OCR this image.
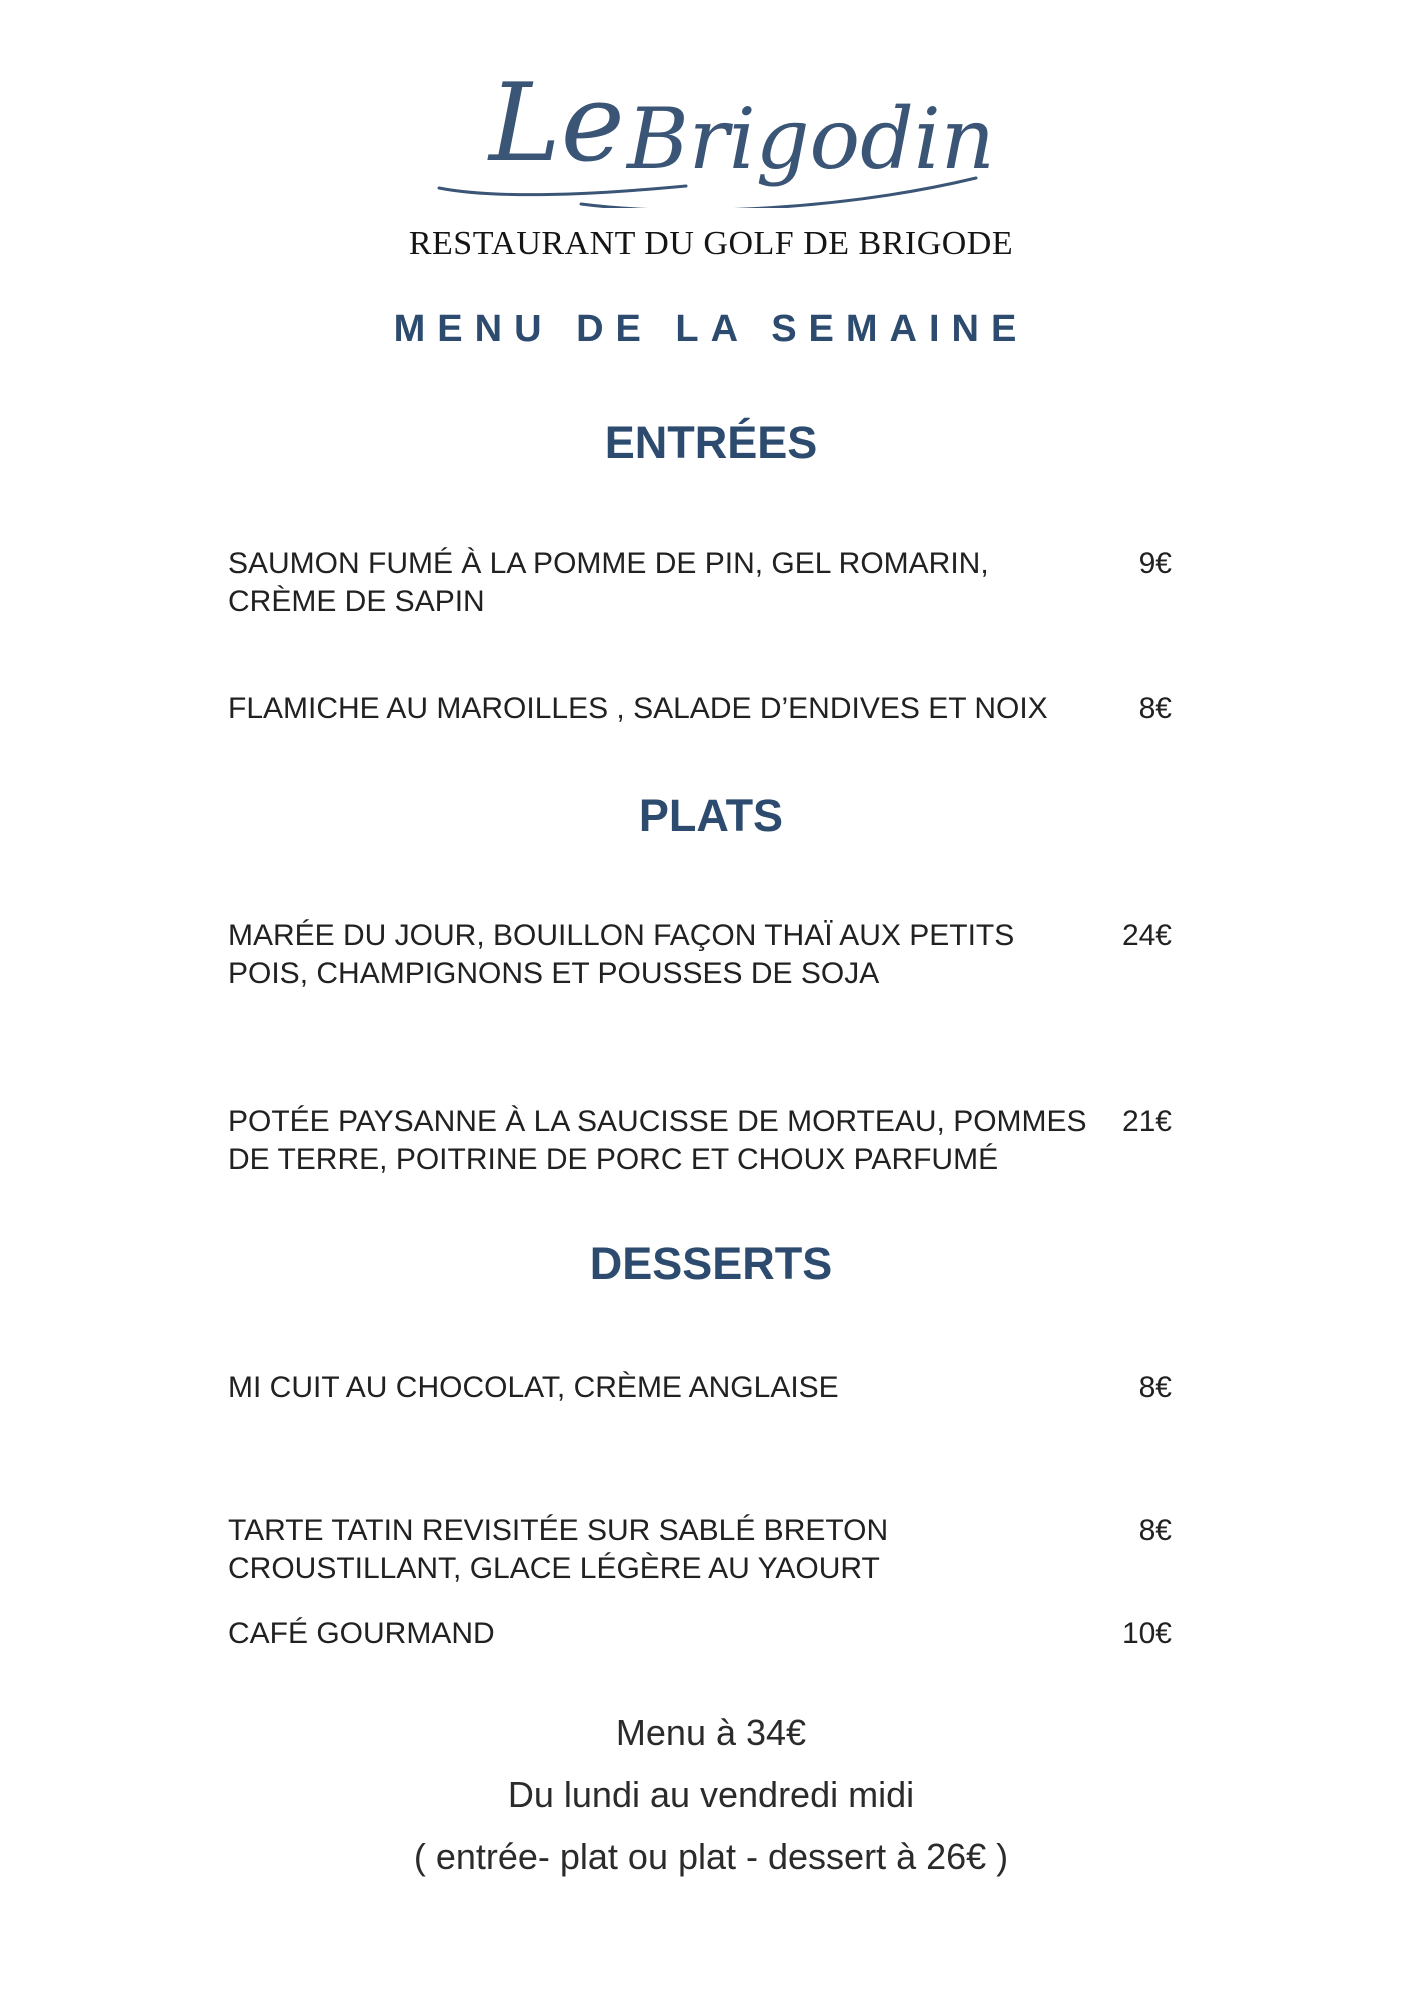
Le Brigodin
RESTAURANT DU GOLF DE BRIGODE
MENU DE LA SEMAINE
ENTRÉES
SAUMON FUMÉ À LA POMME DE PIN, GEL ROMARIN,
CRÈME DE SAPIN
9€
FLAMICHE AU MAROILLES , SALADE D’ENDIVES ET NOIX	8€
PLATS
MARÉE DU JOUR, BOUILLON FAÇON THAÏ AUX PETITS
POIS, CHAMPIGNONS ET POUSSES DE SOJA
24€
POTÉE PAYSANNE À LA SAUCISSE DE MORTEAU, POMMES
DE TERRE, POITRINE DE PORC ET CHOUX PARFUMÉ
21€
DESSERTS
MI CUIT AU CHOCOLAT, CRÈME ANGLAISE	8€
TARTE TATIN REVISITÉE SUR SABLÉ BRETON
CROUSTILLANT, GLACE LÉGÈRE AU YAOURT
8€
CAFÉ GOURMAND	10€
Menu à 34€
Du lundi au vendredi midi
( entrée- plat ou plat - dessert à 26€ )
